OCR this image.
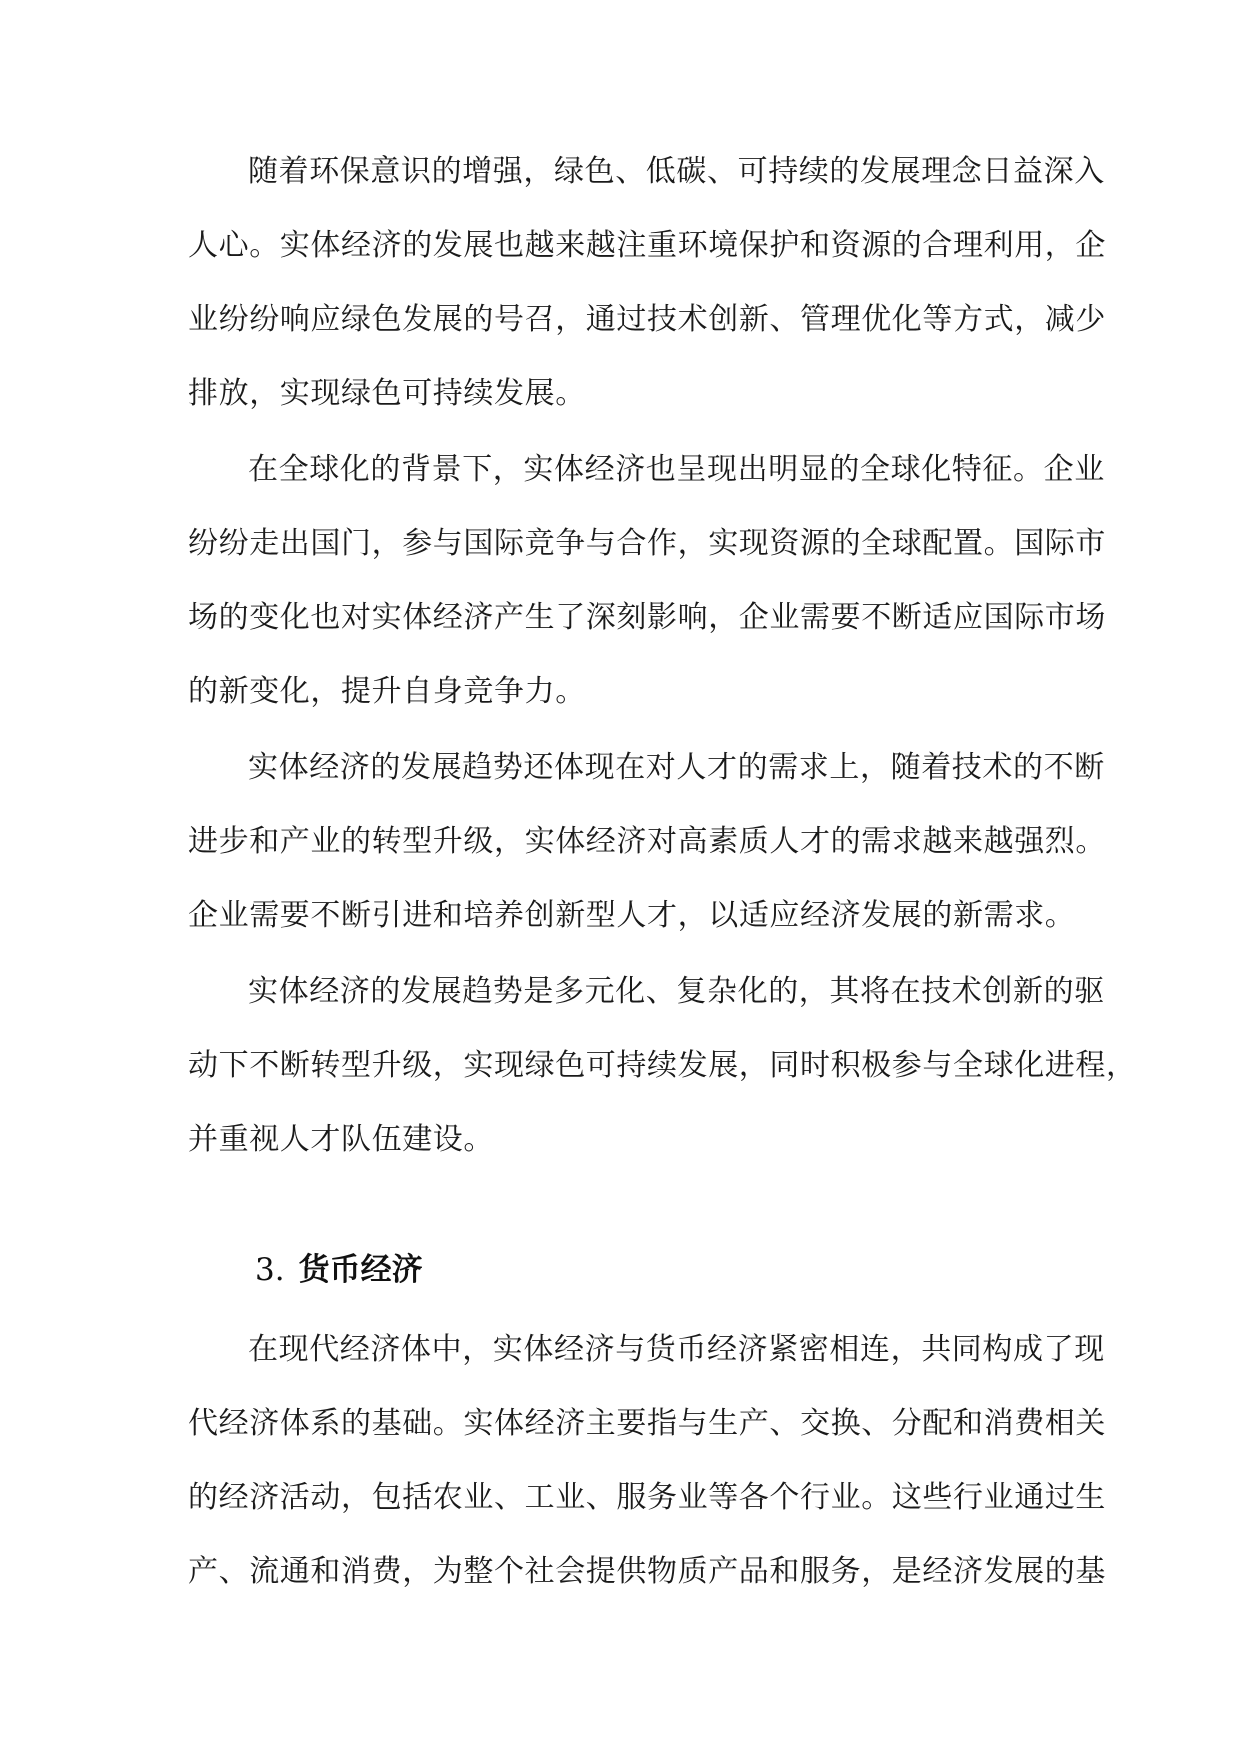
随着环保意识的增强，绿色、低碳、可持续的发展理念日益深入
人心。实体经济的发展也越来越注重环境保护和资源的合理利用，企
业纷纷响应绿色发展的号召，通过技术创新、管理优化等方式，减少
排放，实现绿色可持续发展。
在全球化的背景下，实体经济也呈现出明显的全球化特征。企业
纷纷走出国门，参与国际竞争与合作，实现资源的全球配置。国际市
场的变化也对实体经济产生了深刻影响，企业需要不断适应国际市场
的新变化，提升自身竞争力。
实体经济的发展趋势还体现在对人才的需求上，随着技术的不断
进步和产业的转型升级，实体经济对高素质人才的需求越来越强烈。
企业需要不断引进和培养创新型人才，以适应经济发展的新需求。
实体经济的发展趋势是多元化、复杂化的，其将在技术创新的驱
动下不断转型升级，实现绿色可持续发展，同时积极参与全球化进程，
并重视人才队伍建设。
3. 货币经济
在现代经济体中，实体经济与货币经济紧密相连，共同构成了现
代经济体系的基础。实体经济主要指与生产、交换、分配和消费相关
的经济活动，包括农业、工业、服务业等各个行业。这些行业通过生
产、流通和消费，为整个社会提供物质产品和服务，是经济发展的基
